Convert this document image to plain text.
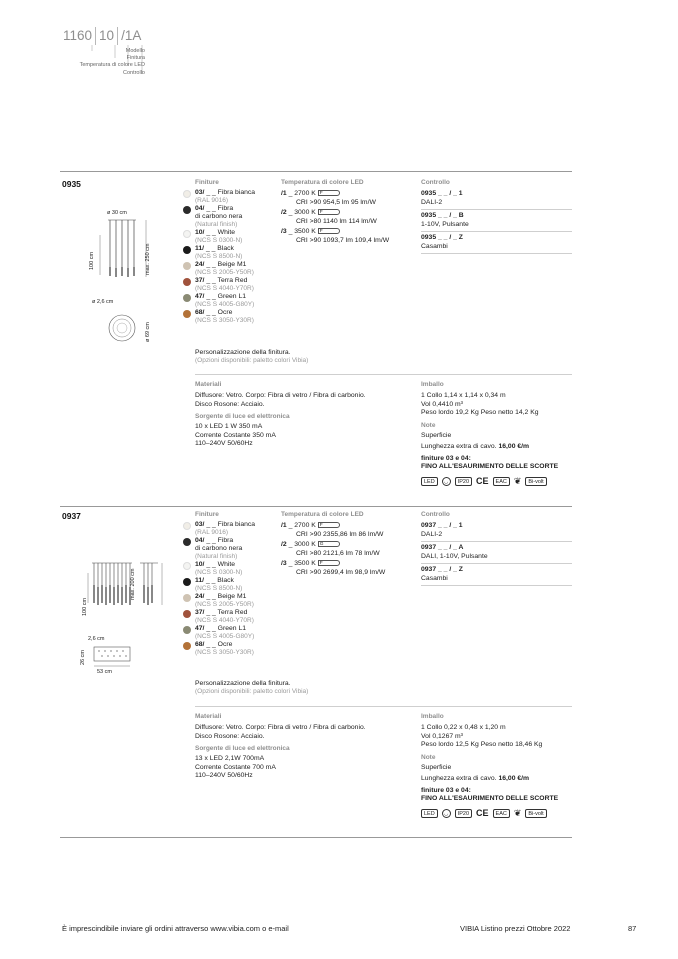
1160 10 /1A
Modello
Finitura
Temperatura di colore LED
Controllo
0935
ø 30 cm
100 cm	max. 250 cm
ø 2,6 cm
ø 69 cm
Finiture
03/ _ _ Fibra bianca
(RAL 9016)
04/ _ _ Fibra
di carbono nera
(Natural finish)
10/ _ _ White
(NCS S 0300-N)
11/ _ _ Black
(NCS S 8500-N)
24/ _ _ Beige M1
(NCS S 2005-Y50R)
37/ _ _ Terra Red
(NCS S 4040-Y70R)
47/ _ _ Green L1
(NCS S 4005-G80Y)
68/ _ _ Ocre
(NCS S 3050-Y30R)
Personalizzazione della finitura.
(Opzioni disponibili: paletto colori Vibia)
Temperatura di colore LED
/1 _ 2700 K F
CRI >90 954,5 lm 95 lm/W
/2 _ 3000 K F
CRI >80 1140 lm 114 lm/W
/3 _ 3500 K F
CRI >90 1093,7 lm 109,4 lm/W
Controllo
0935 _ _ / _ 1
DALI-2
0935 _ _ / _ B
1-10V, Pulsante
0935 _ _ / _ Z
Casambi
Materiali
Diffusore: Vetro. Corpo: Fibra di vetro / Fibra di carbonio.
Disco Rosone: Acciaio.
Sorgente di luce ed elettronica
10 x LED 1 W 350 mA
Corrente Costante 350 mA
110–240V 50/60Hz
Imballo
1 Collo 1,14 x 1,14 x 0,34 m
Vol 0,4410 m³
Peso lordo 19,2 Kg Peso netto 14,2 Kg
Note
Superficie
Lunghezza extra di cavo. 16,00 €/m
finiture 03 e 04:
FINO ALL'ESAURIMENTO DELLE SCORTE
LED	◡	IP20 CE	EAC ❦	Bi-volt
0937
100 cm
max. 200 cm
2,6 cm
26 cm
53 cm
Finiture
03/ _ _ Fibra bianca
(RAL 9016)
04/ _ _ Fibra
di carbono nera
(Natural finish)
10/ _ _ White
(NCS S 0300-N)
11/ _ _ Black
(NCS S 8500-N)
24/ _ _ Beige M1
(NCS S 2005-Y50R)
37/ _ _ Terra Red
(NCS S 4040-Y70R)
47/ _ _ Green L1
(NCS S 4005-G80Y)
68/ _ _ Ocre
(NCS S 3050-Y30R)
Personalizzazione della finitura.
(Opzioni disponibili: paletto colori Vibia)
Temperatura di colore LED
/1 _ 2700 K F
CRI >90 2355,86 lm 86 lm/W
/2 _ 3000 K G
CRI >80 2121,6 lm 78 lm/W
/3 _ 3500 K F
CRI >90 2699,4 lm 98,9 lm/W
Controllo
0937 _ _ / _ 1
DALI-2
0937 _ _ / _ A
DALI, 1-10V, Pulsante
0937 _ _ / _ Z
Casambi
Materiali
Diffusore: Vetro. Corpo: Fibra di vetro / Fibra di carbonio.
Disco Rosone: Acciaio.
Sorgente di luce ed elettronica
13 x LED 2,1W 700mA
Corrente Costante 700 mA
110–240V 50/60Hz
Imballo
1 Collo 0,22 x 0,48 x 1,20 m
Vol 0,1267 m³
Peso lordo 12,5 Kg Peso netto 18,46 Kg
Note
Superficie
Lunghezza extra di cavo. 16,00 €/m
finiture 03 e 04:
FINO ALL'ESAURIMENTO DELLE SCORTE
LED	◡	IP20 CE	EAC ❦	Bi-volt
È imprescindibile inviare gli ordini attraverso www.vibia.com o e-mail	VIBIA Listino prezzi Ottobre 2022	87
